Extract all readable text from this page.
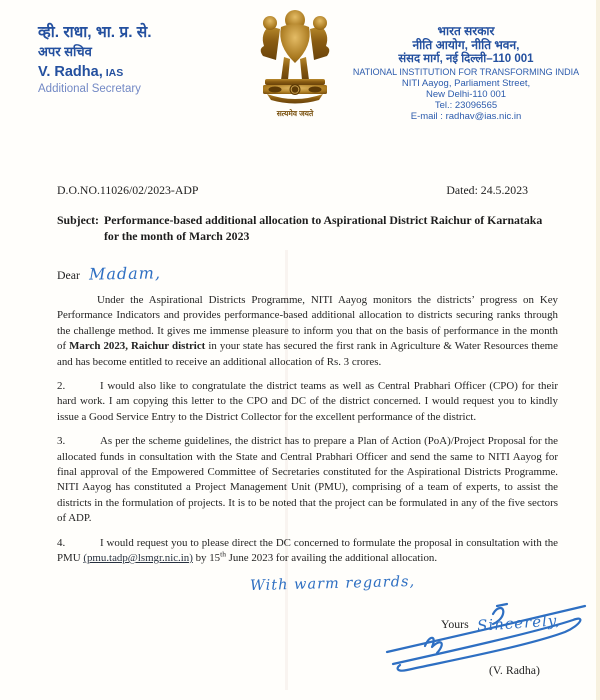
व्ही. राधा, भा. प्र. से.
अपर सचिव
V. Radha, IAS
Additional Secretary
सत्यमेव जयते
भारत सरकार
नीति आयोग, नीति भवन,
संसद मार्ग, नई दिल्ली–110 001
NATIONAL INSTITUTION FOR TRANSFORMING INDIA
NITI Aayog, Parliament Street,
New Delhi-110 001
Tel.: 23096565
E-mail : radhav@ias.nic.in
D.O.NO.11026/02/2023-ADP	Dated: 24.5.2023
Subject: Performance-based additional allocation to Aspirational District Raichur of Karnataka for the month of March 2023
Dear Madam,

Under the Aspirational Districts Programme, NITI Aayog monitors the districts’ progress on Key Performance Indicators and provides performance-based additional allocation to districts securing ranks through the challenge method. It gives me immense pleasure to inform you that on the basis of performance in the month of March 2023, Raichur district in your state has secured the first rank in Agriculture & Water Resources theme and has become entitled to receive an additional allocation of Rs. 3 crores.

2.	I would also like to congratulate the district teams as well as Central Prabhari Officer (CPO) for their hard work. I am copying this letter to the CPO and DC of the district concerned. I would request you to kindly issue a Good Service Entry to the District Collector for the excellent performance of the district.

3.	As per the scheme guidelines, the district has to prepare a Plan of Action (PoA)/Project Proposal for the allocated funds in consultation with the State and Central Prabhari Officer and send the same to NITI Aayog for final approval of the Empowered Committee of Secretaries constituted for the Aspirational Districts Programme. NITI Aayog has constituted a Project Management Unit (PMU), comprising of a team of experts, to assist the districts in the formulation of projects. It is to be noted that the project can be formulated in any of the five sectors of ADP.

4.	I would request you to please direct the DC concerned to formulate the proposal in consultation with the PMU (pmu.tadp@lsmgr.nic.in) by 15th June 2023 for availing the additional allocation.

With warm regards,
Yours Sincerely,
(V. Radha)
